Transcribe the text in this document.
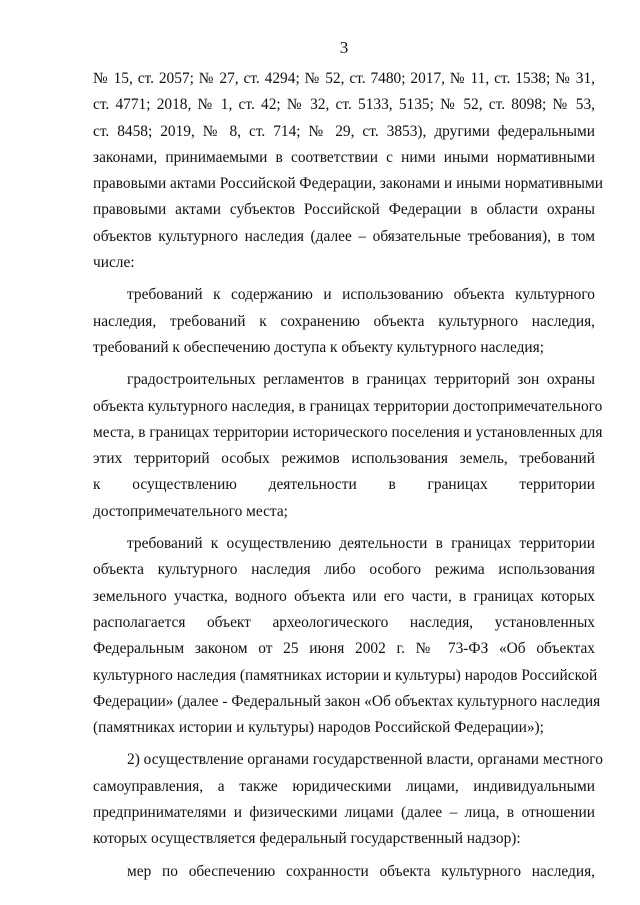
3
№ 15, ст. 2057; № 27, ст. 4294; № 52, ст. 7480; 2017, № 11, ст. 1538; № 31,
ст. 4771; 2018, № 1, ст. 42; № 32, ст. 5133, 5135; № 52, ст. 8098; № 53,
ст. 8458; 2019, № 8, ст. 714; № 29, ст. 3853), другими федеральными
законами, принимаемыми в соответствии с ними иными нормативными
правовыми актами Российской Федерации, законами и иными нормативными
правовыми актами субъектов Российской Федерации в области охраны
объектов культурного наследия (далее – обязательные требования), в том
числе:
требований к содержанию и использованию объекта культурного
наследия, требований к сохранению объекта культурного наследия,
требований к обеспечению доступа к объекту культурного наследия;
градостроительных регламентов в границах территорий зон охраны
объекта культурного наследия, в границах территории достопримечательного
места, в границах территории исторического поселения и установленных для
этих территорий особых режимов использования земель, требований
к осуществлению деятельности в границах территории
достопримечательного места;
требований к осуществлению деятельности в границах территории
объекта культурного наследия либо особого режима использования
земельного участка, водного объекта или его части, в границах которых
располагается объект археологического наследия, установленных
Федеральным законом от 25 июня 2002 г. № 73-ФЗ «Об объектах
культурного наследия (памятниках истории и культуры) народов Российской
Федерации» (далее - Федеральный закон «Об объектах культурного наследия
(памятниках истории и культуры) народов Российской Федерации»);
2) осуществление органами государственной власти, органами местного
самоуправления, а также юридическими лицами, индивидуальными
предпринимателями и физическими лицами (далее – лица, в отношении
которых осуществляется федеральный государственный надзор):
мер по обеспечению сохранности объекта культурного наследия,
